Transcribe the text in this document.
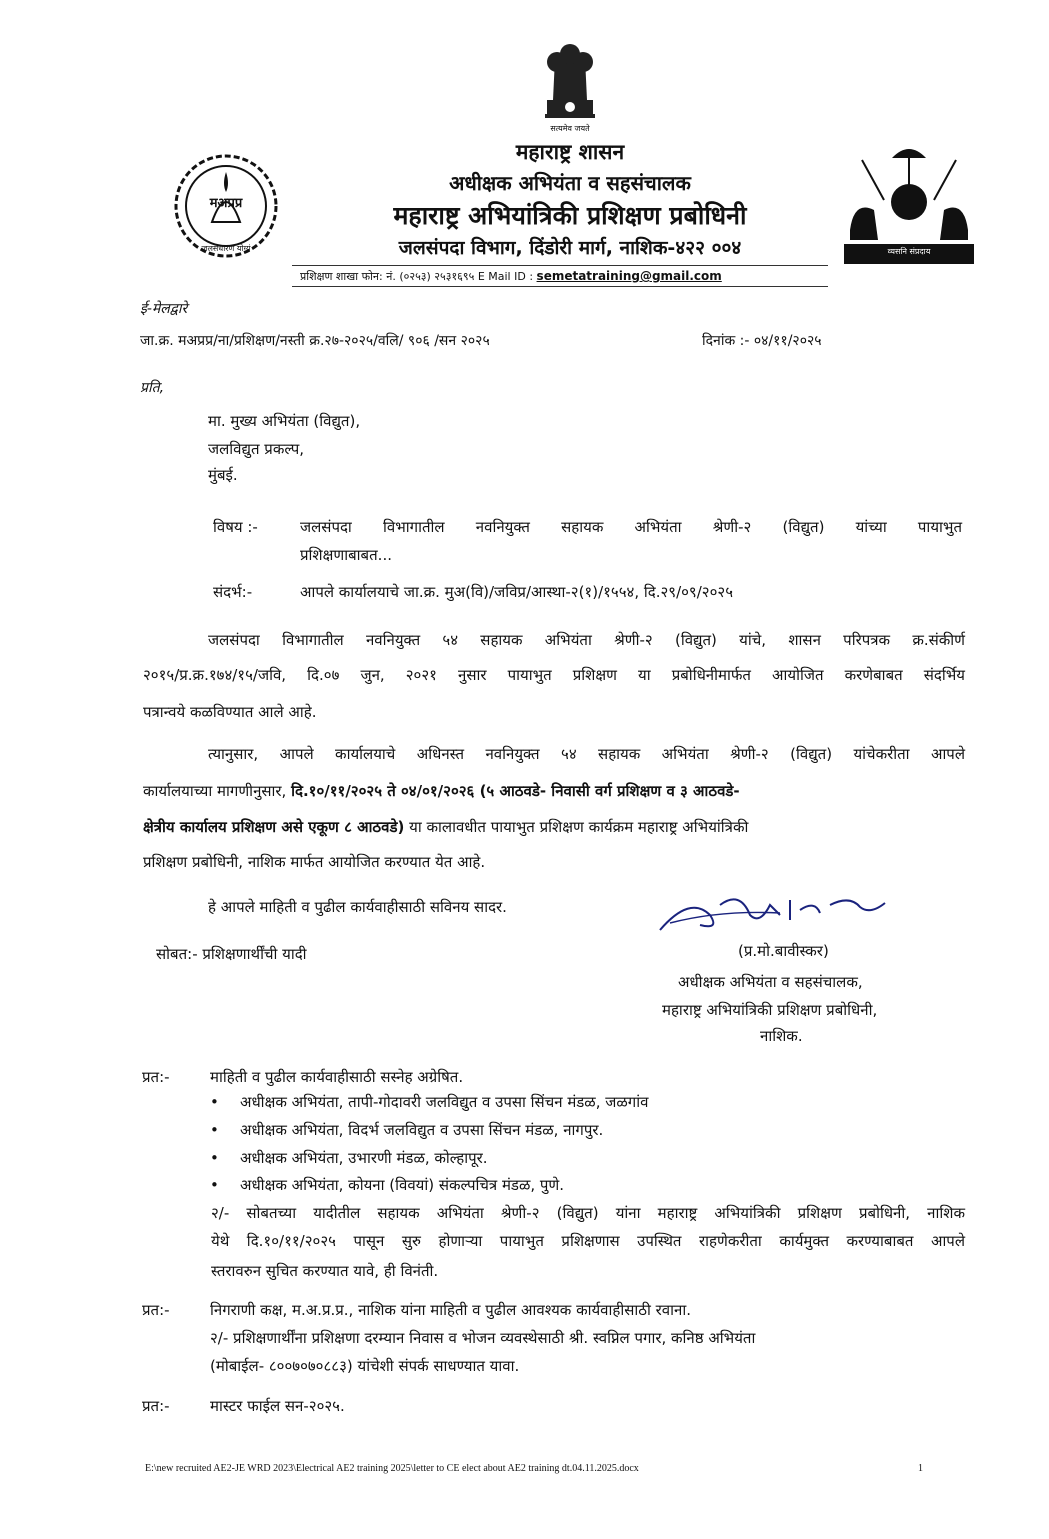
सत्यमेव जयते
मअप्रप्र
जलसंधारण योग्यं	व्यसनि संप्रदाय
महाराष्ट्र शासन
अधीक्षक अभियंता व सहसंचालक
महाराष्ट्र अभियांत्रिकी प्रशिक्षण प्रबोधिनी
जलसंपदा विभाग, दिंडोरी मार्ग, नाशिक-४२२ ००४
प्रशिक्षण शाखा फोन: नं. (०२५३) २५३१६९५ E Mail ID : semetatraining@gmail.com
ई-मेलद्वारे
जा.क्र. मअप्रप्र/ना/प्रशिक्षण/नस्ती क्र.२७-२०२५/वलि/ ९०६ /सन २०२५	दिनांक :- ०४/११/२०२५
प्रति,
मा. मुख्य अभियंता (विद्युत),
जलविद्युत प्रकल्प,
मुंबई.
विषय :-	जलसंपदा विभागातील नवनियुक्त सहायक अभियंता श्रेणी-२ (विद्युत) यांच्या पायाभुत
प्रशिक्षणाबाबत...
संदर्भ:-	आपले कार्यालयाचे जा.क्र. मुअ(वि)/जविप्र/आस्था-२(१)/१५५४, दि.२९/०९/२०२५
जलसंपदा विभागातील नवनियुक्त ५४ सहायक अभियंता श्रेणी-२ (विद्युत) यांचे, शासन परिपत्रक क्र.संकीर्ण
२०१५/प्र.क्र.१७४/१५/जवि, दि.०७ जुन, २०२१ नुसार पायाभुत प्रशिक्षण या प्रबोधिनीमार्फत आयोजित करणेबाबत संदर्भिय
पत्रान्वये कळविण्यात आले आहे.
त्यानुसार, आपले कार्यालयाचे अधिनस्त नवनियुक्त ५४ सहायक अभियंता श्रेणी-२ (विद्युत) यांचेकरीता आपले
कार्यालयाच्या मागणीनुसार, दि.१०/११/२०२५ ते ०४/०१/२०२६ (५ आठवडे- निवासी वर्ग प्रशिक्षण व ३ आठवडे-
क्षेत्रीय कार्यालय प्रशिक्षण असे एकूण ८ आठवडे) या कालावधीत पायाभुत प्रशिक्षण कार्यक्रम महाराष्ट्र अभियांत्रिकी
प्रशिक्षण प्रबोधिनी, नाशिक मार्फत आयोजित करण्यात येत आहे.
हे आपले माहिती व पुढील कार्यवाहीसाठी सविनय सादर.
सोबत:- प्रशिक्षणार्थींची यादी	(प्र.मो.बावीस्कर)
अधीक्षक अभियंता व सहसंचालक,
महाराष्ट्र अभियांत्रिकी प्रशिक्षण प्रबोधिनी,
नाशिक.
प्रत:-	माहिती व पुढील कार्यवाहीसाठी सस्नेह अग्रेषित.
• अधीक्षक अभियंता, तापी-गोदावरी जलविद्युत व उपसा सिंचन मंडळ, जळगांव
• अधीक्षक अभियंता, विदर्भ जलविद्युत व उपसा सिंचन मंडळ, नागपुर.
• अधीक्षक अभियंता, उभारणी मंडळ, कोल्हापूर.
• अधीक्षक अभियंता, कोयना (विवयां) संकल्पचित्र मंडळ, पुणे.
२/- सोबतच्या यादीतील सहायक अभियंता श्रेणी-२ (विद्युत) यांना महाराष्ट्र अभियांत्रिकी प्रशिक्षण प्रबोधिनी, नाशिक
येथे दि.१०/११/२०२५ पासून सुरु होणाऱ्या पायाभुत प्रशिक्षणास उपस्थित राहणेकरीता कार्यमुक्त करण्याबाबत आपले
स्तरावरुन सुचित करण्यात यावे, ही विनंती.
प्रत:-	निगराणी कक्ष, म.अ.प्र.प्र., नाशिक यांना माहिती व पुढील आवश्यक कार्यवाहीसाठी रवाना.
२/- प्रशिक्षणार्थींना प्रशिक्षणा दरम्यान निवास व भोजन व्यवस्थेसाठी श्री. स्वप्निल पगार, कनिष्ठ अभियंता
(मोबाईल- ८००७०७०८८३) यांचेशी संपर्क साधण्यात यावा.
प्रत:-	मास्टर फाईल सन-२०२५.
E:\new recruited AE2-JE WRD 2023\Electrical AE2 training 2025\letter to CE elect about AE2 training dt.04.11.2025.docx	1
